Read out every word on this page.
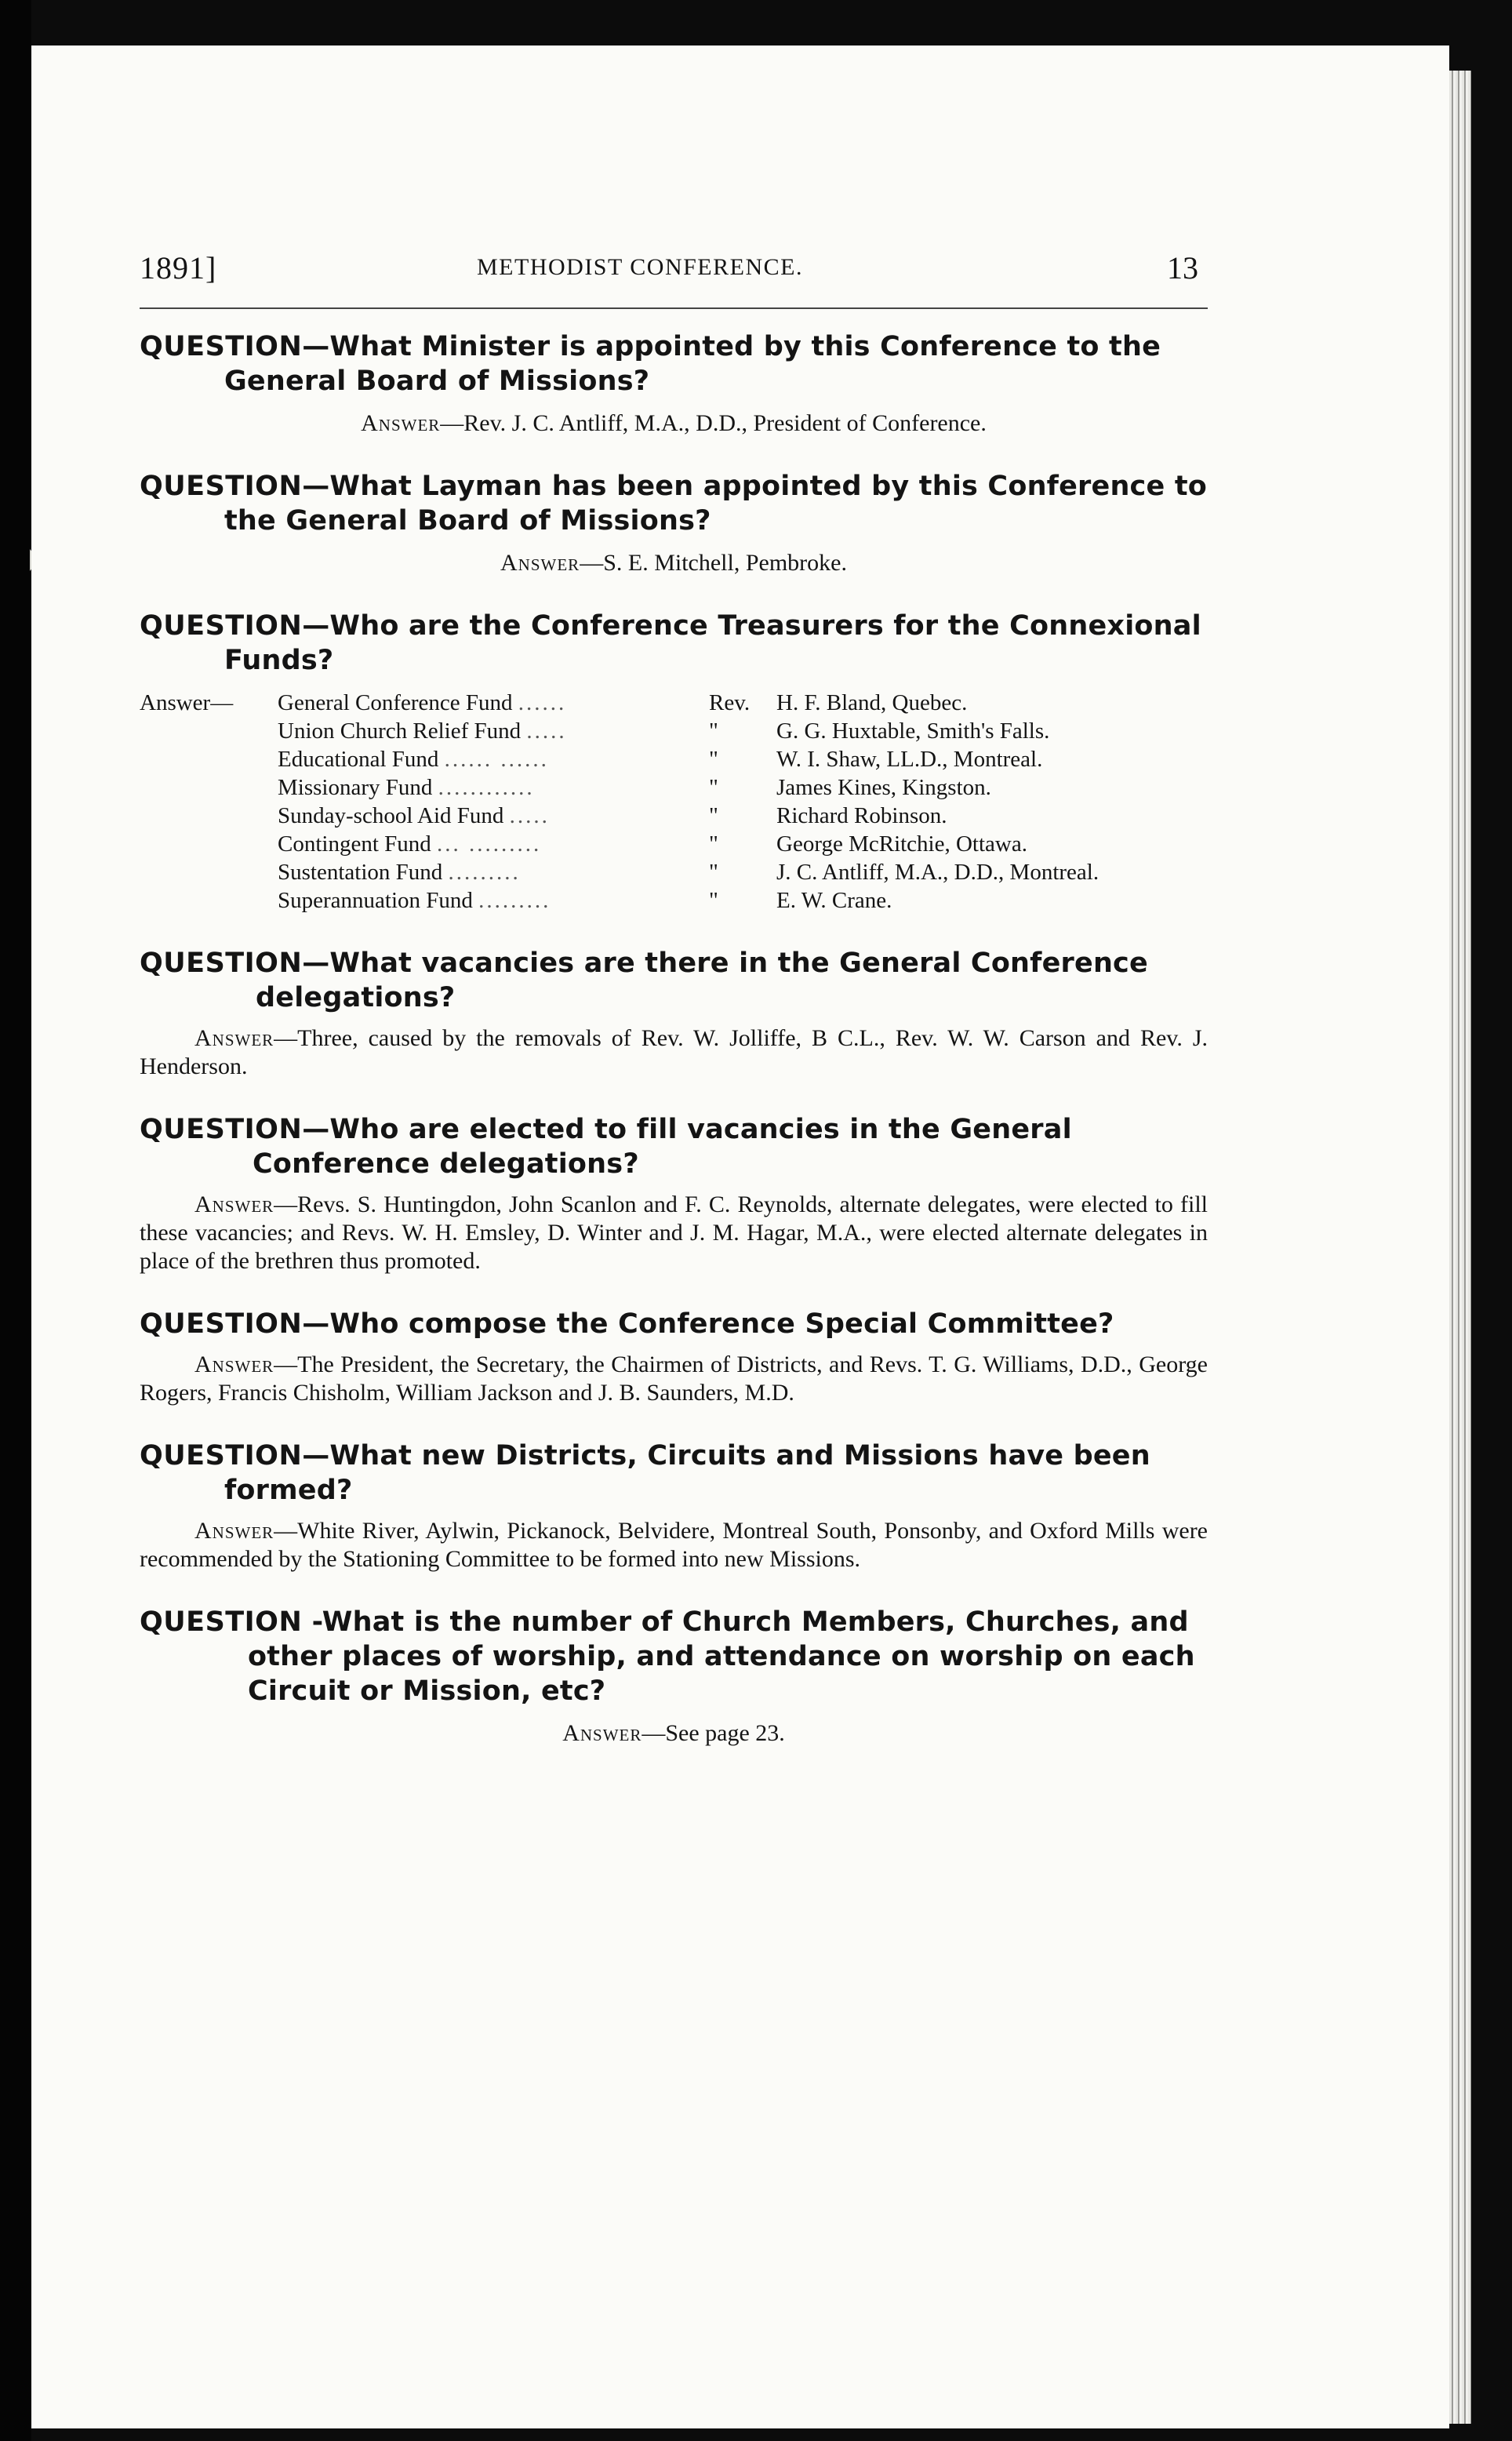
1891]	METHODIST CONFERENCE.	13

QUESTION—What Minister is appointed by this Conference to the General Board of Missions?

Answer—Rev. J. C. Antliff, M.A., D.D., President of Conference.

QUESTION—What Layman has been appointed by this Conference to the General Board of Missions?

Answer—S. E. Mitchell, Pembroke.

QUESTION—Who are the Conference Treasurers for the Connexional Funds?

Answer—	General Conference Fund ......	Rev.	H. F. Bland, Quebec.
Union Church Relief Fund .....	"	G. G. Huxtable, Smith's Falls.
Educational Fund ...... ......	"	W. I. Shaw, LL.D., Montreal.
Missionary Fund ............	"	James Kines, Kingston.
Sunday-school Aid Fund .....	"	Richard Robinson.
Contingent Fund ... .........	"	George McRitchie, Ottawa.
Sustentation Fund .........	"	J. C. Antliff, M.A., D.D., Montreal.
Superannuation Fund .........	"	E. W. Crane.

QUESTION—What vacancies are there in the General Conference delegations?

Answer—Three, caused by the removals of Rev. W. Jolliffe, B C.L., Rev. W. W. Carson and Rev. J. Henderson.

QUESTION—Who are elected to fill vacancies in the General Conference delegations?

Answer—Revs. S. Huntingdon, John Scanlon and F. C. Reynolds, alternate delegates, were elected to fill these vacancies; and Revs. W. H. Emsley, D. Winter and J. M. Hagar, M.A., were elected alternate delegates in place of the brethren thus promoted.

QUESTION—Who compose the Conference Special Committee?

Answer—The President, the Secretary, the Chairmen of Districts, and Revs. T. G. Williams, D.D., George Rogers, Francis Chisholm, William Jackson and J. B. Saunders, M.D.

QUESTION—What new Districts, Circuits and Missions have been formed?

Answer—White River, Aylwin, Pickanock, Belvidere, Montreal South, Ponsonby, and Oxford Mills were recommended by the Stationing Committee to be formed into new Missions.

QUESTION -What is the number of Church Members, Churches, and other places of worship, and attendance on worship on each Circuit or Mission, etc?

Answer—See page 23.
